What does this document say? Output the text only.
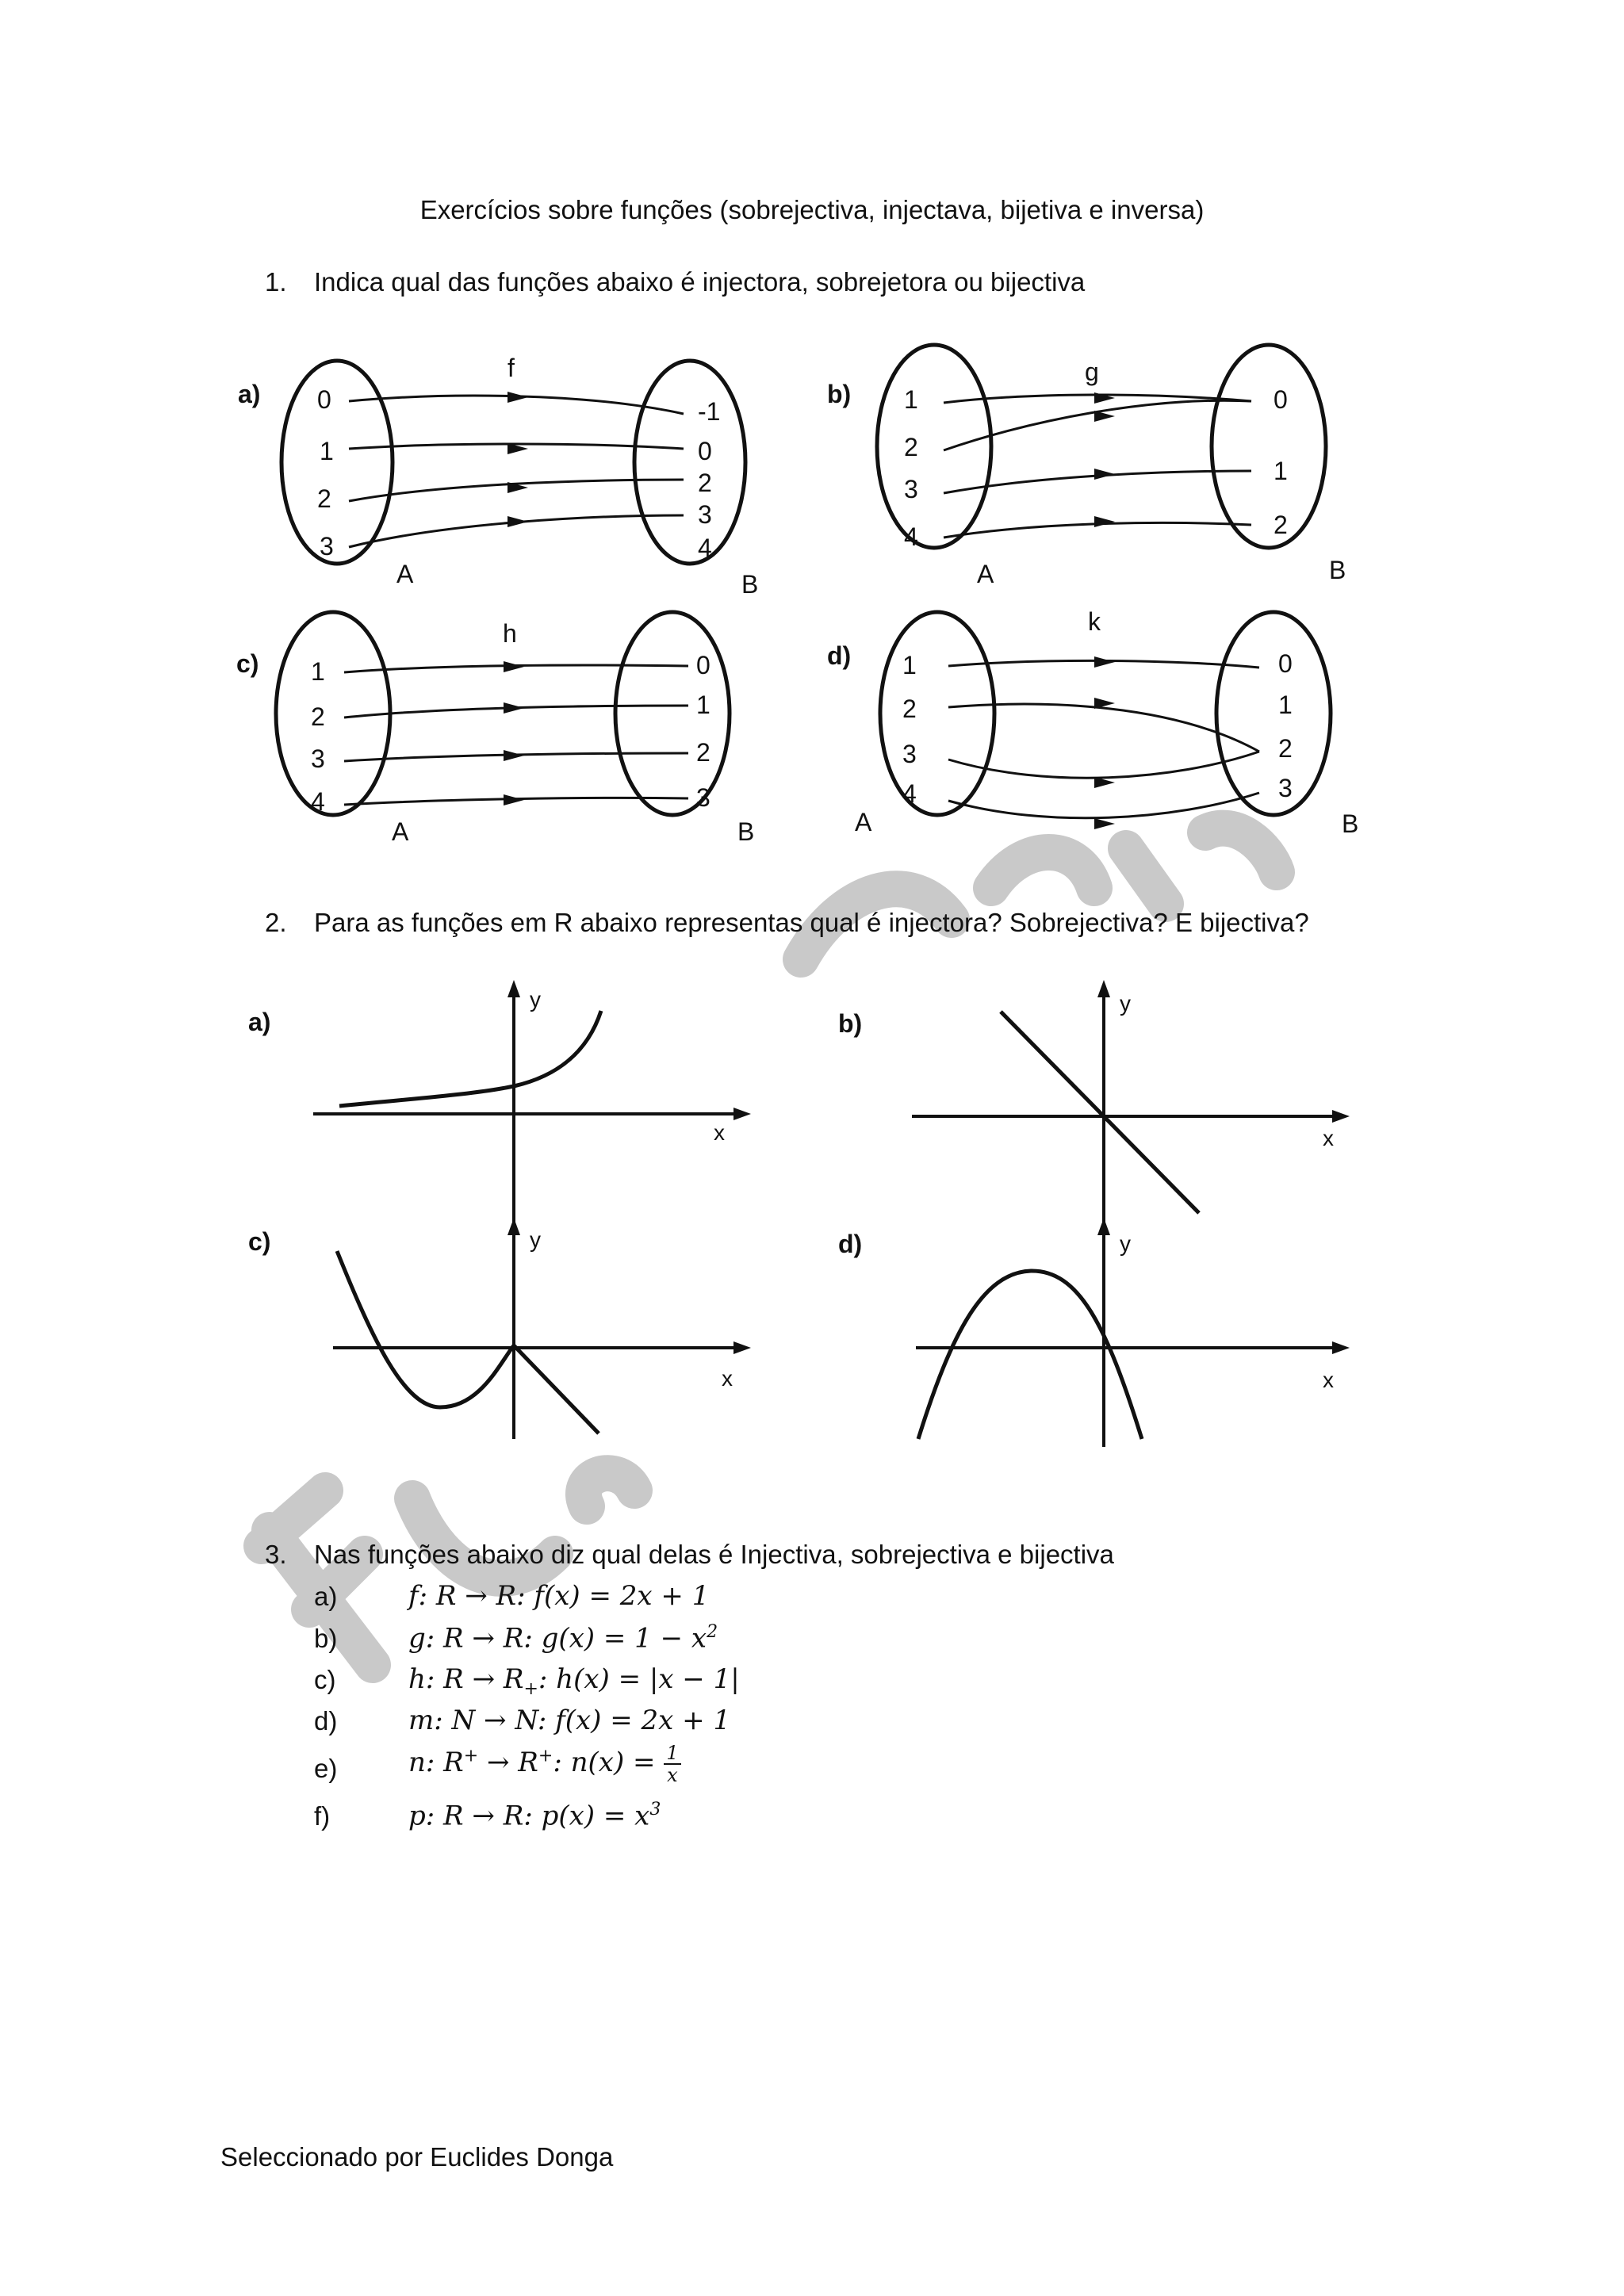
Exercícios sobre funções (sobrejectiva, injectava, bijetiva e inversa)
1. Indica qual das funções abaixo é injectora, sobrejetora ou bijectiva
a)
f
0
1
2
3
-1
0
2
3
4
A	B
b)
g
1
2
3
4
0
1
2
A	B
c)
h
1
2
3
4
0
1
2
3
A	B
d)
k
1
2
3
4
0
1
2
3
A	B
2. Para as funções em R abaixo representas qual é injectora? Sobrejectiva? E bijectiva?
a)
y
x
b)
y
x
c)	y
x
d)	y
x
3. Nas funções abaixo diz qual delas é Injectiva, sobrejectiva e bijectiva
a)	f: R → R: f(x) = 2x + 1
b)	g: R → R: $g(x) = 1 - x^2$
c)	h: $R \to R_+$: h(x) = |x − 1|
d)	m: N → N: f(x) = 2x + 1
e)	n: R+ → R+: $n(x) = \frac{1}{x}$
f)	p: R → R: $p(x) = x^3$
Seleccionado por Euclides Donga
